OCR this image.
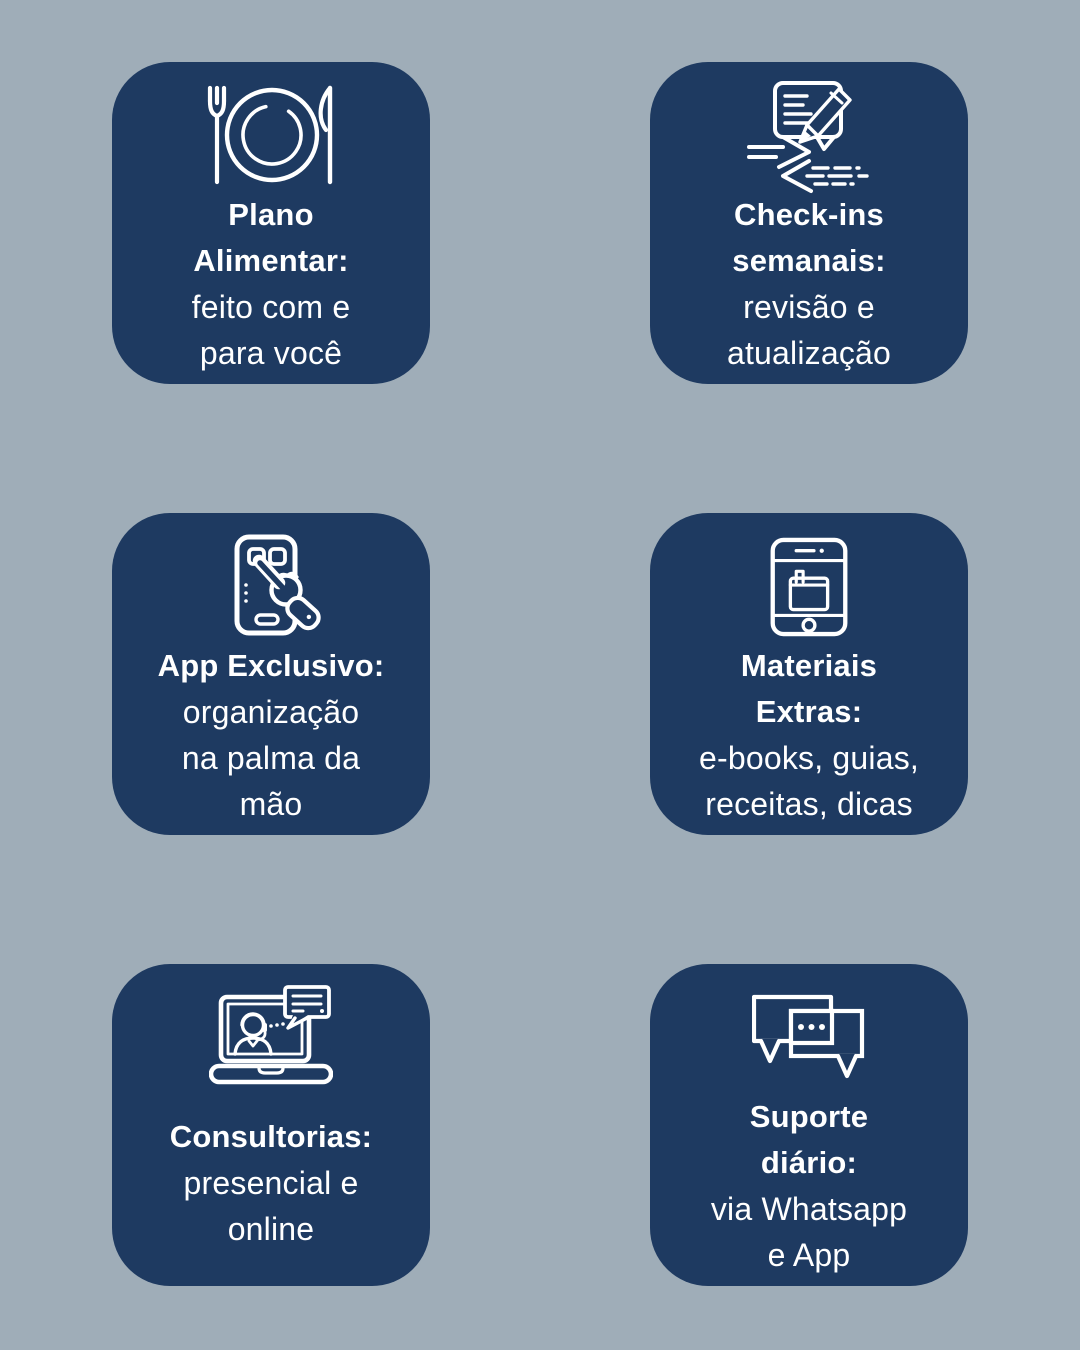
Plano
Alimentar:
feito com e
para você
Check-ins
semanais:
revisão e
atualização
App Exclusivo:
organização
na palma da
mão
Materiais
Extras:
e-books, guias,
receitas, dicas
Consultorias:
presencial e
online
Suporte
diário:
via Whatsapp
e App
